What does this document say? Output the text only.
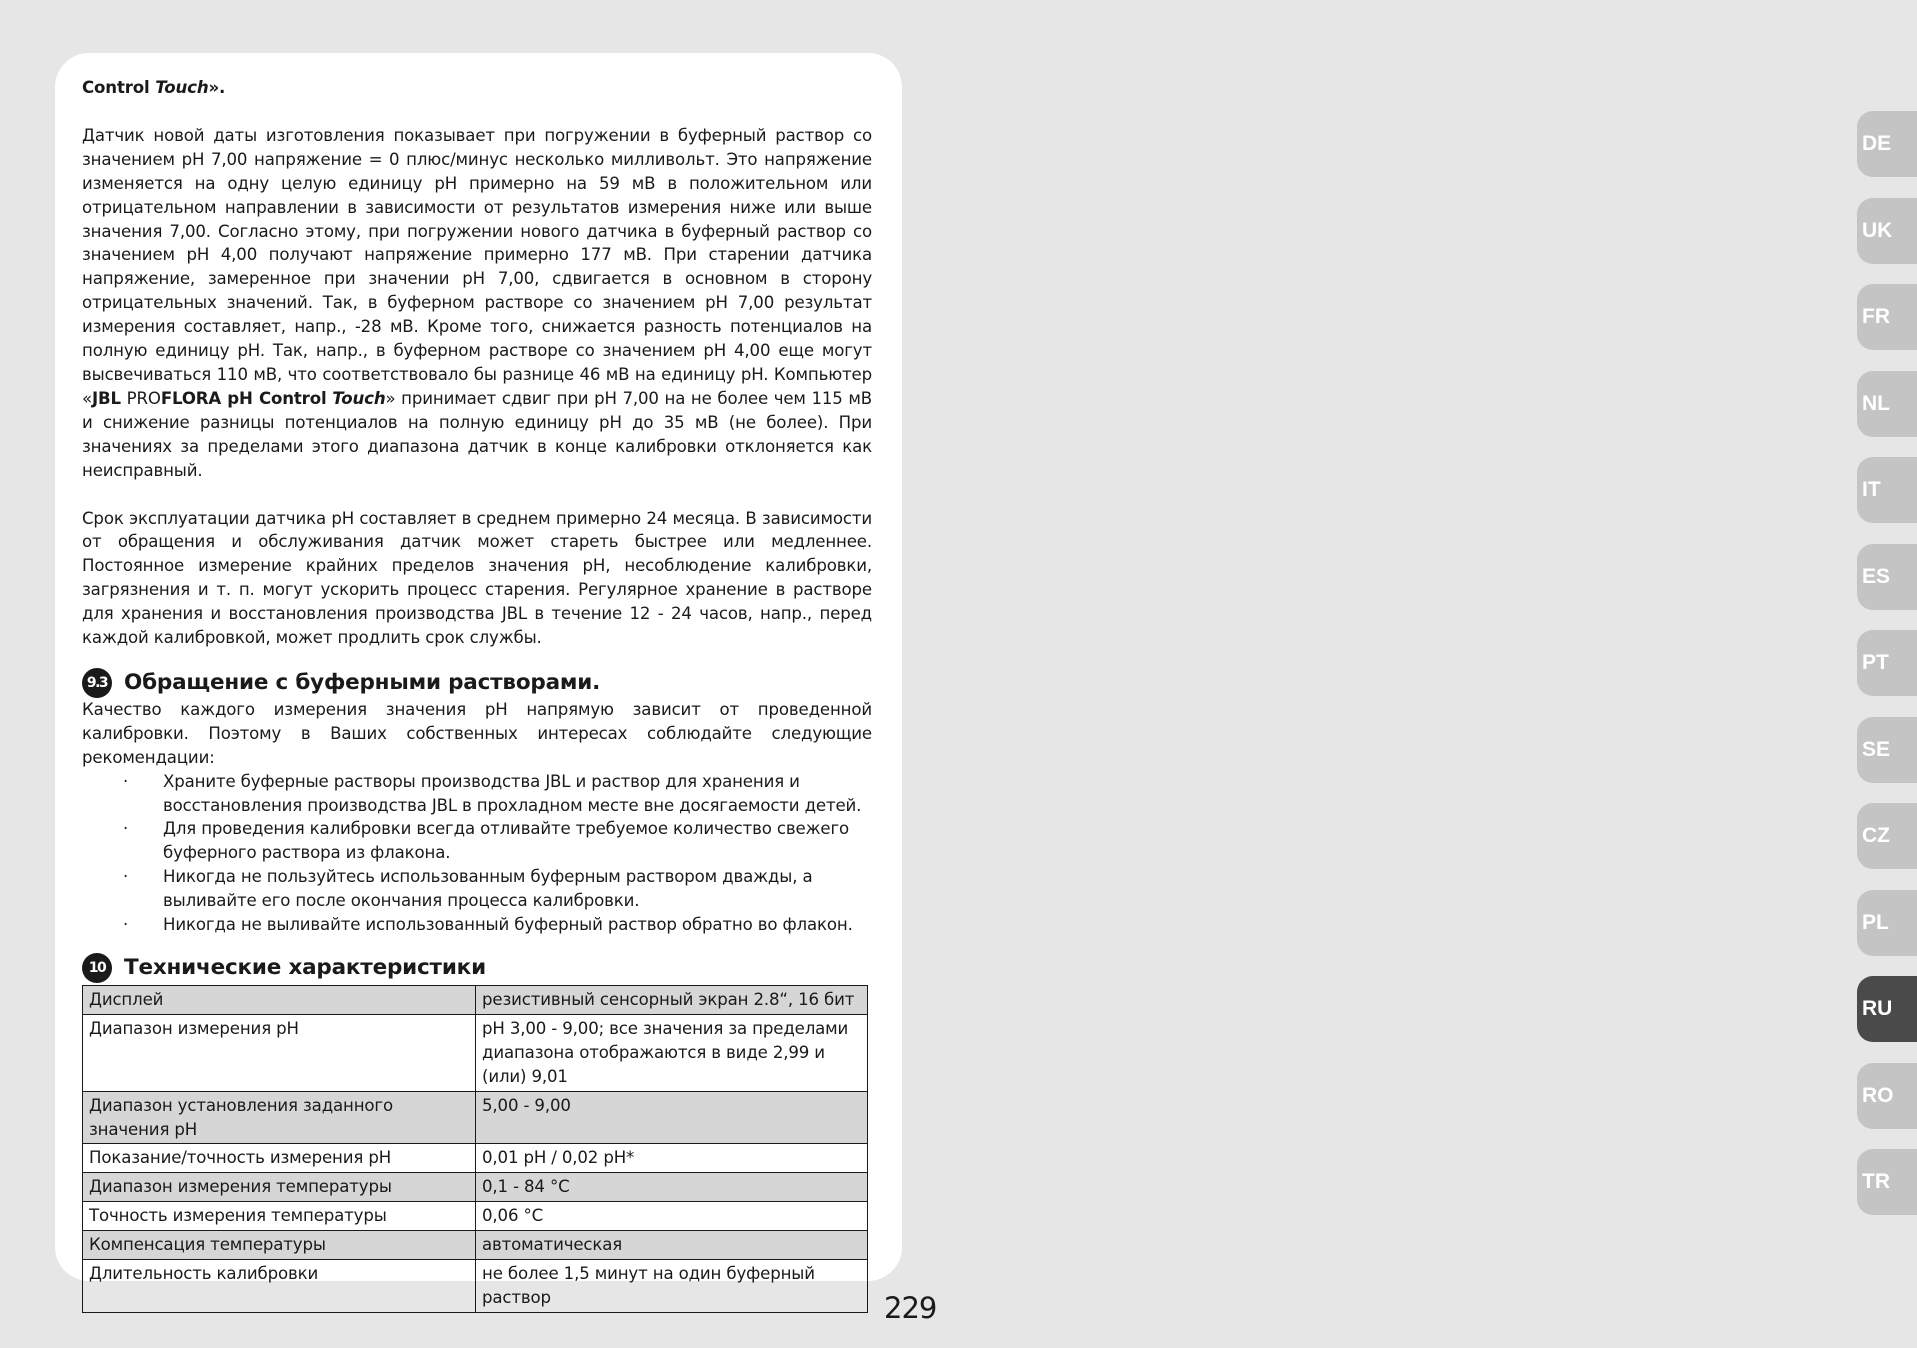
Control Touch».

Датчик новой даты изготовления показывает при погружении в буферный раствор со значением pH 7,00 напряжение = 0 плюс/минус несколько милливольт. Это напряжение изменяется на одну целую единицу pH примерно на 59 мВ в положительном или отрицательном направлении в зависимости от результатов измерения ниже или выше значения 7,00. Согласно этому, при погружении нового датчика в буферный раствор со значением pH 4,00 получают напряжение примерно 177 мВ. При старении датчика напряжение, замеренное при значении pH 7,00, сдвигается в основном в сторону отрицательных значений. Так, в буферном растворе со значением pH 7,00 результат измерения составляет, напр., -28 мВ. Кроме того, снижается разность потенциалов на полную единицу pH. Так, напр., в буферном растворе со значением pH 4,00 еще могут высвечиваться 110 мВ, что соответствовало бы разнице 46 мВ на единицу pH. Компьютер «JBL PROFLORA pH Control Touch» принимает сдвиг при pH 7,00 на не более чем 115 мВ и снижение разницы потенциалов на полную единицу pH до 35 мВ (не более). При значениях за пределами этого диапазона датчик в конце калибровки отклоняется как неисправный.

Срок эксплуатации датчика pH составляет в среднем примерно 24 месяца. В зависимости от обращения и обслуживания датчик может стареть быстрее или медленнее. Постоянное измерение крайних пределов значения pH, несоблюдение калибровки, загрязнения и т. п. могут ускорить процесс старения. Регулярное хранение в растворе для хранения и восстановления производства JBL в течение 12 - 24 часов, напр., перед каждой калибровкой, может продлить срок службы.

9.3 Обращение с буферными растворами.

Качество каждого измерения значения pH напрямую зависит от проведенной калибровки. Поэтому в Ваших собственных интересах соблюдайте следующие рекомендации:

· Храните буферные растворы производства JBL и раствор для хранения и восстановления производства JBL в прохладном месте вне досягаемости детей.
· Для проведения калибровки всегда отливайте требуемое количество свежего буферного раствора из флакона.
· Никогда не пользуйтесь использованным буферным раствором дважды, а выливайте его после окончания процесса калибровки.
· Никогда не выливайте использованный буферный раствор обратно во флакон.
10 Технические характеристики
Дисплей	резистивный сенсорный экран 2.8“, 16 бит
Диапазон измерения pH	pH 3,00 - 9,00; все значения за пределами диапазона отображаются в виде 2,99 и (или) 9,01
Диапазон установления заданного значения pH	5,00 - 9,00
Показание/точность измерения pH	0,01 pH / 0,02 pH*
Диапазон измерения температуры	0,1 - 84 °C
Точность измерения температуры	0,06 °C
Компенсация температуры	автоматическая
Длительность калибровки	не более 1,5 минут на один буферный раствор
DE
UK
FR
NL
IT
ES
PT
SE
CZ
PL
RU
RO
TR
229
